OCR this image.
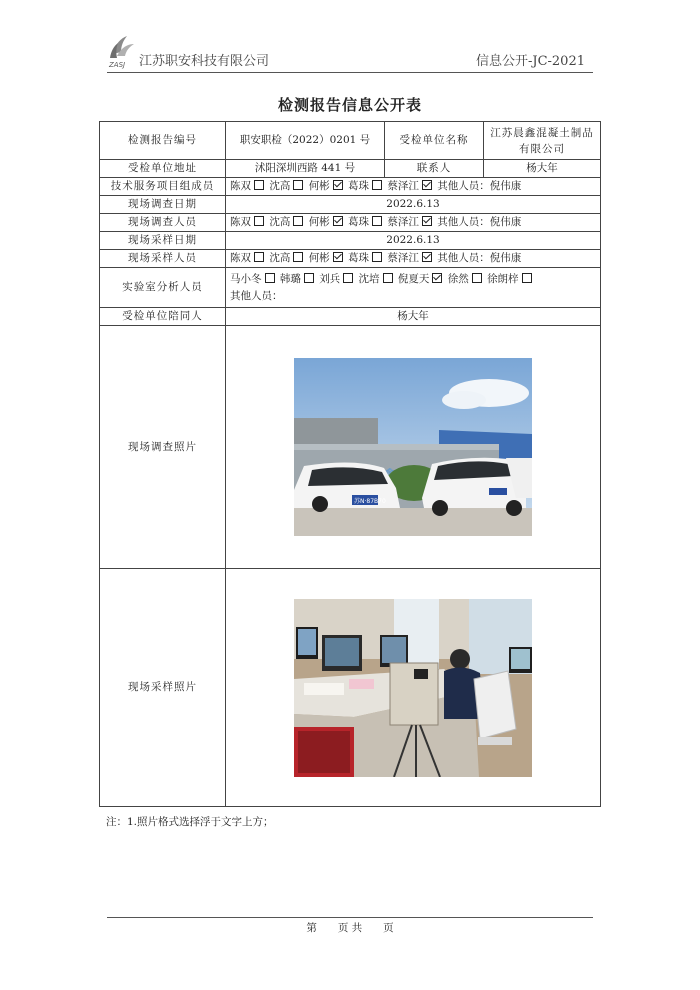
ZASJ 江苏职安科技有限公司	信息公开-JC-2021
检测报告信息公开表
检测报告编号	职安职检（2022）0201 号	受检单位名称	江苏晨鑫混凝土制品有限公司
受检单位地址	沭阳深圳西路 441 号	联系人	杨大年
技术服务项目组成员	陈双 沈高 何彬 葛珠 蔡泽江 其他人员：倪伟康		
现场调查日期	2022.6.13		
现场调查人员	陈双 沈高 何彬 葛珠 蔡泽江 其他人员：倪伟康		
现场采样日期	2022.6.13		
现场采样人员	陈双 沈高 何彬 葛珠 蔡泽江 其他人员：倪伟康		
实验室分析人员	马小冬 韩璐 刘兵 沈培 倪夏天 徐然 徐朗梓
其他人员：		
受检单位陪同人	杨大年		
现场调查照片	苏N·87B70		

现场采样照片	
注：1.照片格式选择浮于文字上方；
第　　页 共　　页
